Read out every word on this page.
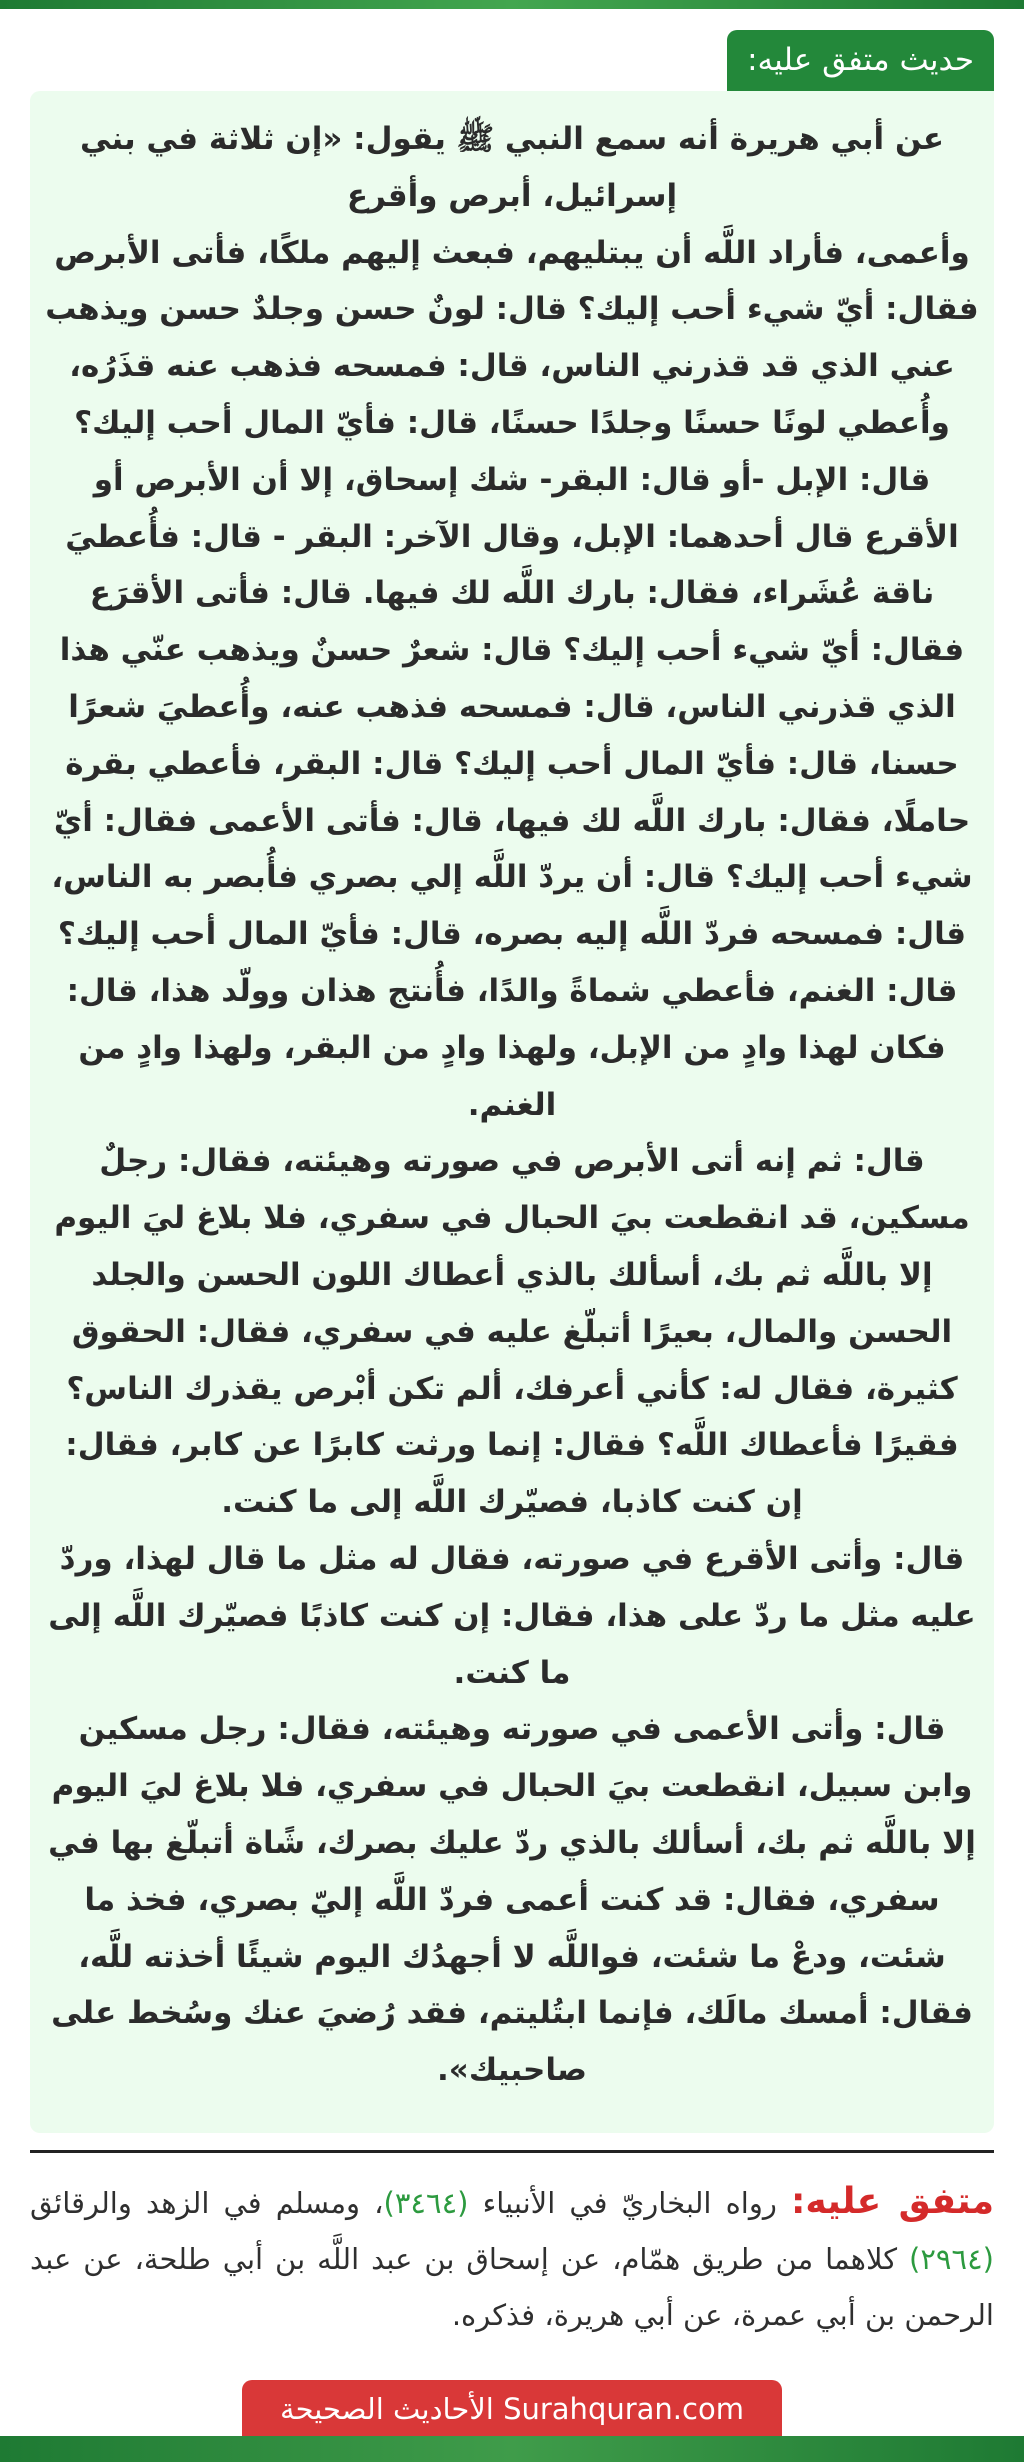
حديث متفق عليه:

عن أبي هريرة أنه سمع النبي ﷺ يقول: «إن ثلاثة في بني إسرائيل، أبرص وأقرع
وأعمى، فأراد اللَّه أن يبتليهم، فبعث إليهم ملكًا، فأتى الأبرص فقال: أيّ شيء أحب إليك؟ قال: لونٌ حسن وجلدٌ حسن ويذهب عني الذي قد قذرني الناس، قال: فمسحه فذهب عنه قذَرُه، وأُعطي لونًا حسنًا وجلدًا حسنًا، قال: فأيّ المال أحب إليك؟ قال: الإبل -أو قال: البقر- شك إسحاق، إلا أن الأبرص أو الأقرع قال أحدهما: الإبل، وقال الآخر: البقر - قال: فأُعطيَ ناقة عُشَراء، فقال: بارك اللَّه لك فيها. قال: فأتى الأقرَع فقال: أيّ شيء أحب إليك؟ قال: شعرٌ حسنٌ ويذهب عنّي هذا الذي قذرني الناس، قال: فمسحه فذهب عنه، وأُعطيَ شعرًا حسنا، قال: فأيّ المال أحب إليك؟ قال: البقر، فأعطي بقرة حاملًا، فقال: بارك اللَّه لك فيها، قال: فأتى الأعمى فقال: أيّ شيء أحب إليك؟ قال: أن يردّ اللَّه إلي بصري فأُبصر به الناس، قال: فمسحه فردّ اللَّه إليه بصره، قال: فأيّ المال أحب إليك؟ قال: الغنم، فأعطي شماةً والدًا، فأُنتج هذان وولّد هذا، قال: فكان لهذا وادٍ من الإبل، ولهذا وادٍ من البقر، ولهذا وادٍ من الغنم.
قال: ثم إنه أتى الأبرص في صورته وهيئته، فقال: رجلٌ مسكين، قد انقطعت بيَ الحبال في سفري، فلا بلاغ ليَ اليوم إلا باللَّه ثم بك، أسألك بالذي أعطاك اللون الحسن والجلد الحسن والمال، بعيرًا أتبلّغ عليه في سفري، فقال: الحقوق كثيرة، فقال له: كأني أعرفك، ألم تكن أبْرص يقذرك الناس؟ فقيرًا فأعطاك اللَّه؟ فقال: إنما ورثت كابرًا عن كابر، فقال: إن كنت كاذبا، فصيّرك اللَّه إلى ما كنت.
قال: وأتى الأقرع في صورته، فقال له مثل ما قال لهذا، وردّ عليه مثل ما ردّ على هذا، فقال: إن كنت كاذبًا فصيّرك اللَّه إلى ما كنت.
قال: وأتى الأعمى في صورته وهيئته، فقال: رجل مسكين وابن سبيل، انقطعت بيَ الحبال في سفري، فلا بلاغ ليَ اليوم إلا باللَّه ثم بك، أسألك بالذي ردّ عليك بصرك، شًاة أتبلّغ بها في سفري، فقال: قد كنت أعمى فردّ اللَّه إليّ بصري، فخذ ما شئت، ودعْ ما شئت، فواللَّه لا أجهدُك اليوم شيئًا أخذته للَّه، فقال: أمسك مالَك، فإنما ابتُليتم، فقد رُضيَ عنك وسُخط على صاحبيك».

متفق عليه: رواه البخاريّ في الأنبياء (٣٤٦٤)، ومسلم في الزهد والرقائق (٢٩٦٤) كلاهما من طريق همّام، عن إسحاق بن عبد اللَّه بن أبي طلحة، عن عبد الرحمن بن أبي عمرة، عن أبي هريرة، فذكره.

الأحاديث الصحيحة Surahquran.com
